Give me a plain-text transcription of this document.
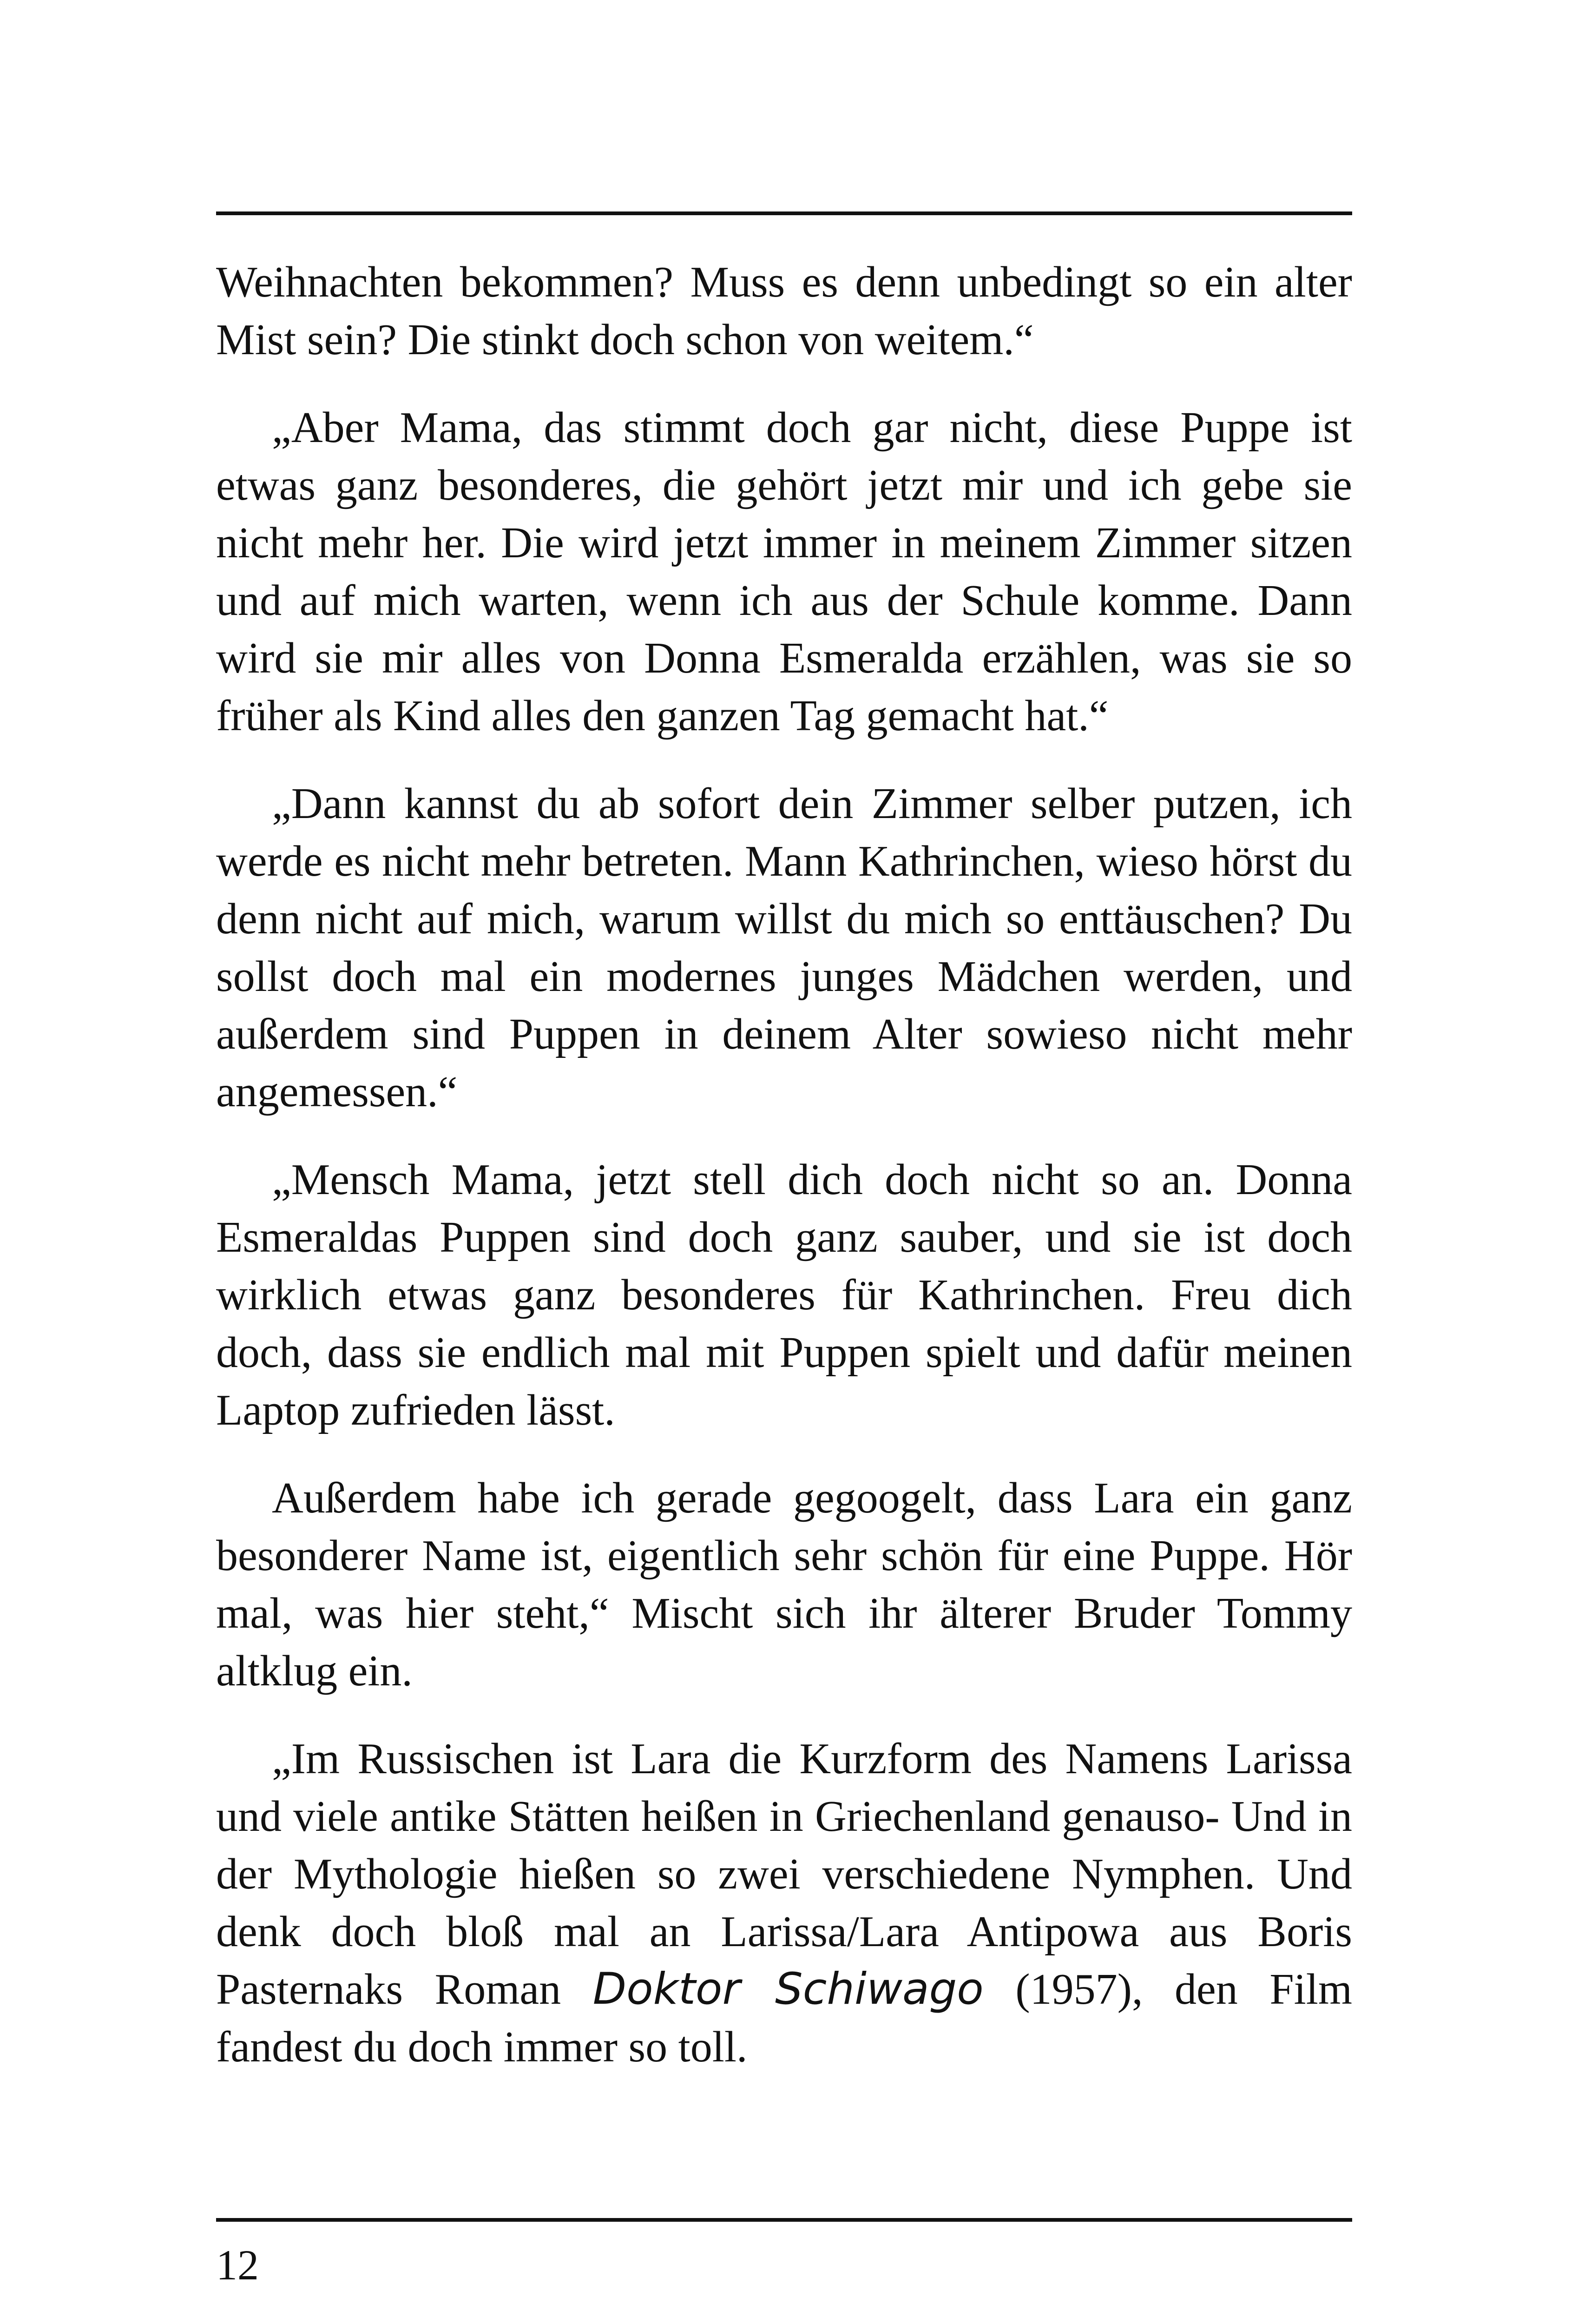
Weihnachten bekommen? Muss es denn unbedingt so ein alter Mist sein? Die stinkt doch schon von weitem.“

„Aber Mama, das stimmt doch gar nicht, diese Puppe ist etwas ganz besonderes, die gehört jetzt mir und ich gebe sie nicht mehr her. Die wird jetzt immer in meinem Zimmer sitzen und auf mich warten, wenn ich aus der Schule komme. Dann wird sie mir alles von Donna Esmeralda erzählen, was sie so früher als Kind alles den ganzen Tag gemacht hat.“

„Dann kannst du ab sofort dein Zimmer selber putzen, ich werde es nicht mehr betreten. Mann Kathrinchen, wieso hörst du denn nicht auf mich, warum willst du mich so enttäuschen? Du sollst doch mal ein modernes junges Mädchen werden, und außerdem sind Puppen in deinem Alter sowieso nicht mehr angemessen.“

„Mensch Mama, jetzt stell dich doch nicht so an. Donna Esmeraldas Puppen sind doch ganz sauber, und sie ist doch wirklich etwas ganz besonderes für Kathrinchen. Freu dich doch, dass sie endlich mal mit Puppen spielt und dafür meinen Laptop zufrieden lässt.

Außerdem habe ich gerade gegoogelt, dass Lara ein ganz besonderer Name ist, eigentlich sehr schön für eine Puppe. Hör mal, was hier steht,“ Mischt sich ihr älterer Bruder Tommy altklug ein.

„Im Russischen ist Lara die Kurzform des Namens Larissa und viele antike Stätten heißen in Griechenland genauso- Und in der Mythologie hießen so zwei verschiedene Nymphen. Und denk doch bloß mal an Larissa/Lara Antipowa aus Boris Pasternaks Roman Doktor Schiwago (1957), den Film fandest du doch immer so toll.

12
